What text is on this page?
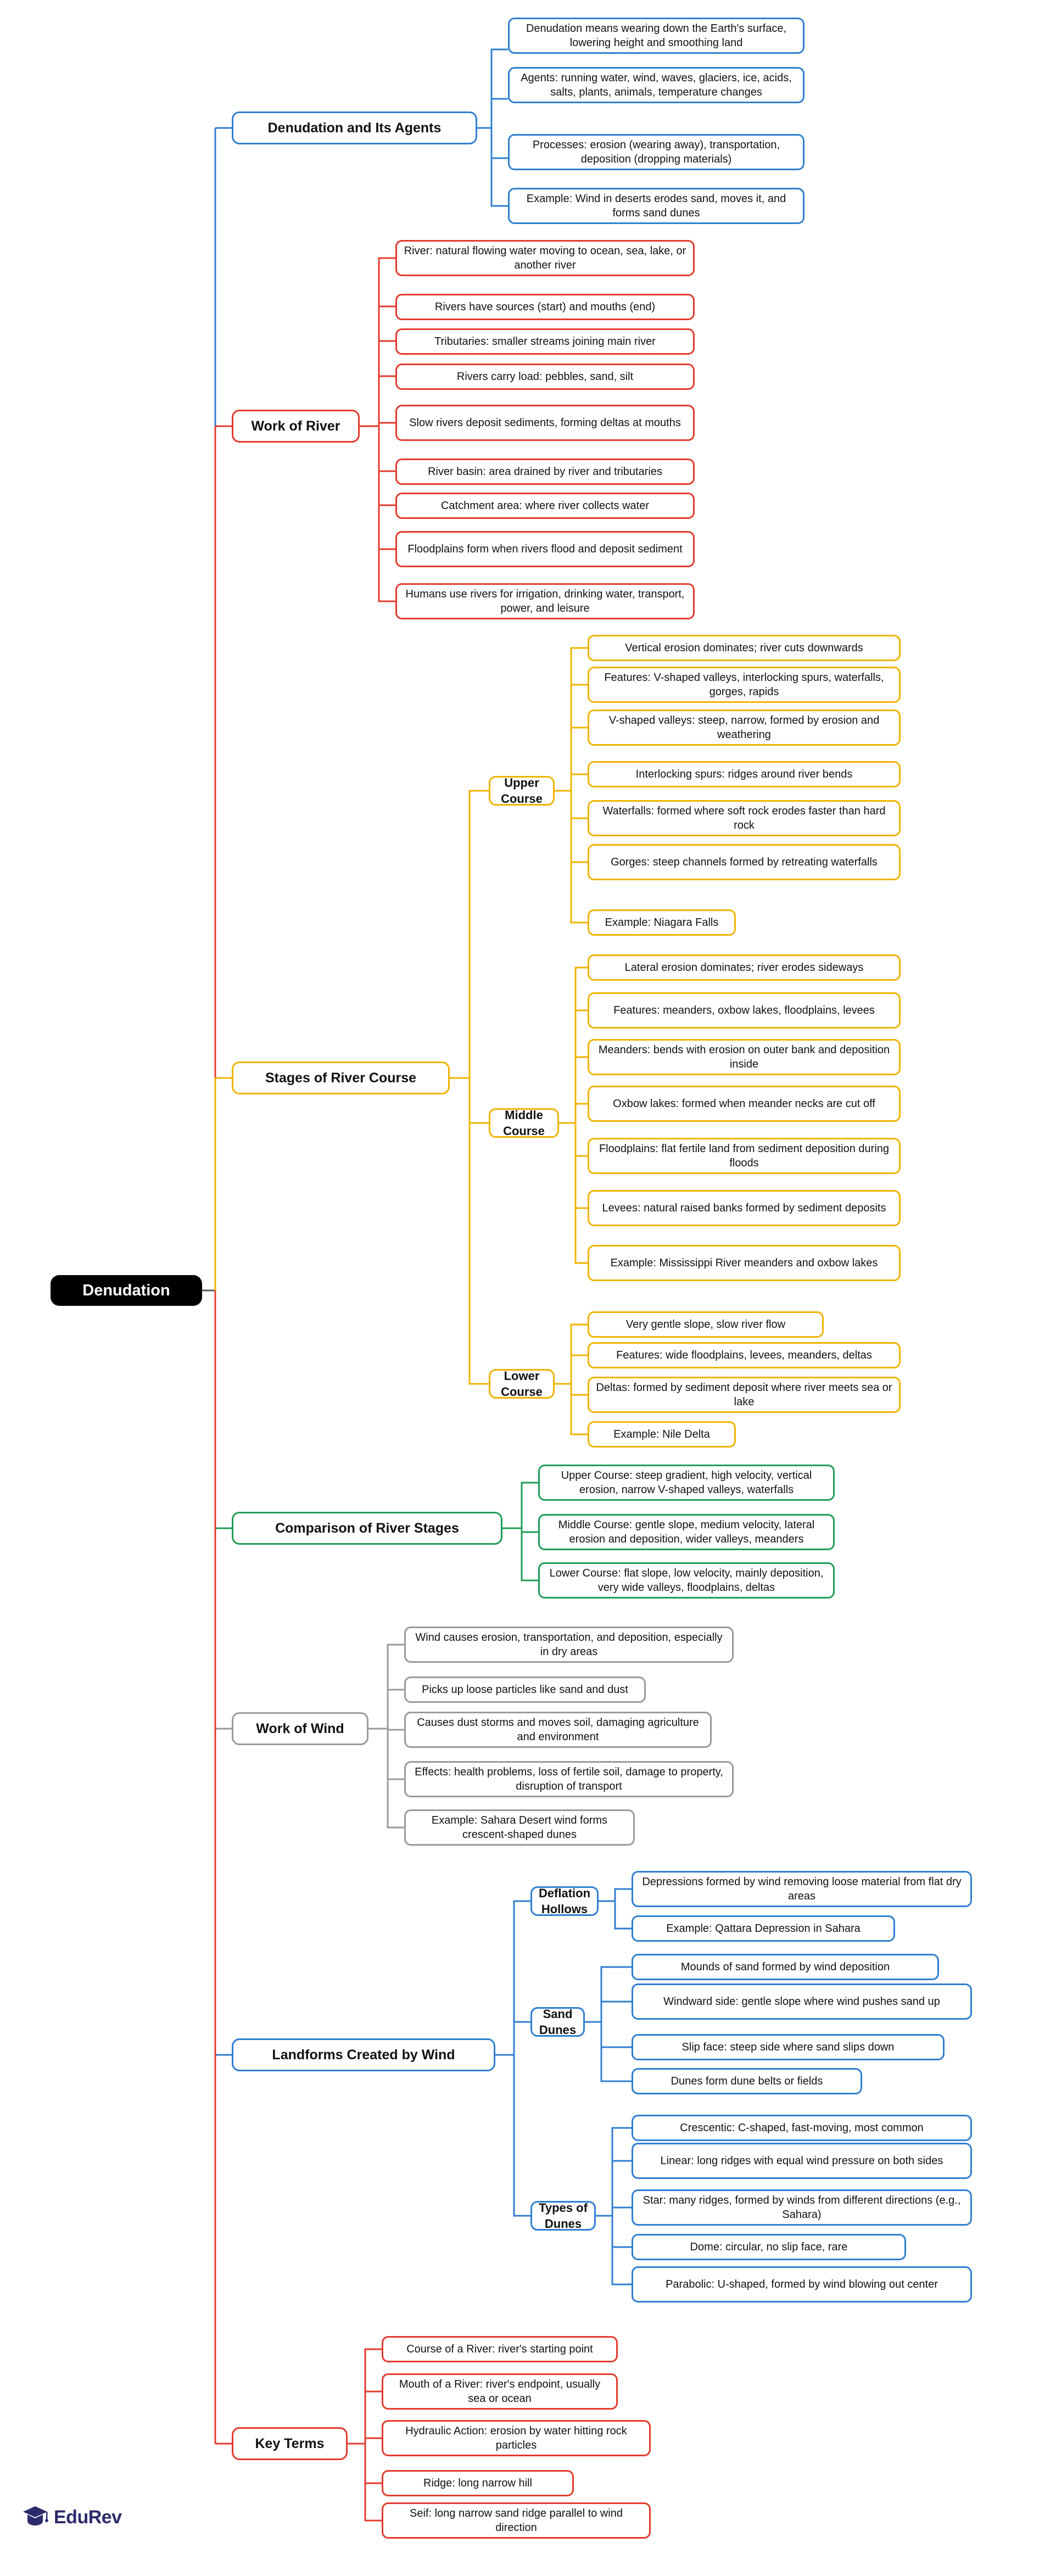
Denudation
Denudation and Its Agents
Denudation means wearing down the Earth's surface, lowering height and smoothing land
Agents: running water, wind, waves, glaciers, ice, acids, salts, plants, animals, temperature changes
Processes: erosion (wearing away), transportation, deposition (dropping materials)
Example: Wind in deserts erodes sand, moves it, and forms sand dunes
Work of River
River: natural flowing water moving to ocean, sea, lake, or another river
Rivers have sources (start) and mouths (end)
Tributaries: smaller streams joining main river
Rivers carry load: pebbles, sand, silt
Slow rivers deposit sediments, forming deltas at mouths
River basin: area drained by river and tributaries
Catchment area: where river collects water
Floodplains form when rivers flood and deposit sediment
Humans use rivers for irrigation, drinking water, transport, power, and leisure
Stages of River Course
Upper Course
Vertical erosion dominates; river cuts downwards
Features: V-shaped valleys, interlocking spurs, waterfalls, gorges, rapids
V-shaped valleys: steep, narrow, formed by erosion and weathering
Interlocking spurs: ridges around river bends
Waterfalls: formed where soft rock erodes faster than hard rock
Gorges: steep channels formed by retreating waterfalls
Example: Niagara Falls
Middle Course
Lateral erosion dominates; river erodes sideways
Features: meanders, oxbow lakes, floodplains, levees
Meanders: bends with erosion on outer bank and deposition inside
Oxbow lakes: formed when meander necks are cut off
Floodplains: flat fertile land from sediment deposition during floods
Levees: natural raised banks formed by sediment deposits
Example: Mississippi River meanders and oxbow lakes
Lower Course
Very gentle slope, slow river flow
Features: wide floodplains, levees, meanders, deltas
Deltas: formed by sediment deposit where river meets sea or lake
Example: Nile Delta
Comparison of River Stages
Upper Course: steep gradient, high velocity, vertical erosion, narrow V-shaped valleys, waterfalls
Middle Course: gentle slope, medium velocity, lateral erosion and deposition, wider valleys, meanders
Lower Course: flat slope, low velocity, mainly deposition, very wide valleys, floodplains, deltas
Work of Wind
Wind causes erosion, transportation, and deposition, especially in dry areas
Picks up loose particles like sand and dust
Causes dust storms and moves soil, damaging agriculture and environment
Effects: health problems, loss of fertile soil, damage to property, disruption of transport
Example: Sahara Desert wind forms crescent-shaped dunes
Landforms Created by Wind
Deflation Hollows
Depressions formed by wind removing loose material from flat dry areas
Example: Qattara Depression in Sahara
Sand Dunes
Mounds of sand formed by wind deposition
Windward side: gentle slope where wind pushes sand up
Slip face: steep side where sand slips down
Dunes form dune belts or fields
Types of Dunes
Crescentic: C-shaped, fast-moving, most common
Linear: long ridges with equal wind pressure on both sides
Star: many ridges, formed by winds from different directions (e.g., Sahara)
Dome: circular, no slip face, rare
Parabolic: U-shaped, formed by wind blowing out center
Key Terms
Course of a River: river's starting point
Mouth of a River: river's endpoint, usually sea or ocean
Hydraulic Action: erosion by water hitting rock particles
Ridge: long narrow hill
Seif: long narrow sand ridge parallel to wind direction
EduRev
